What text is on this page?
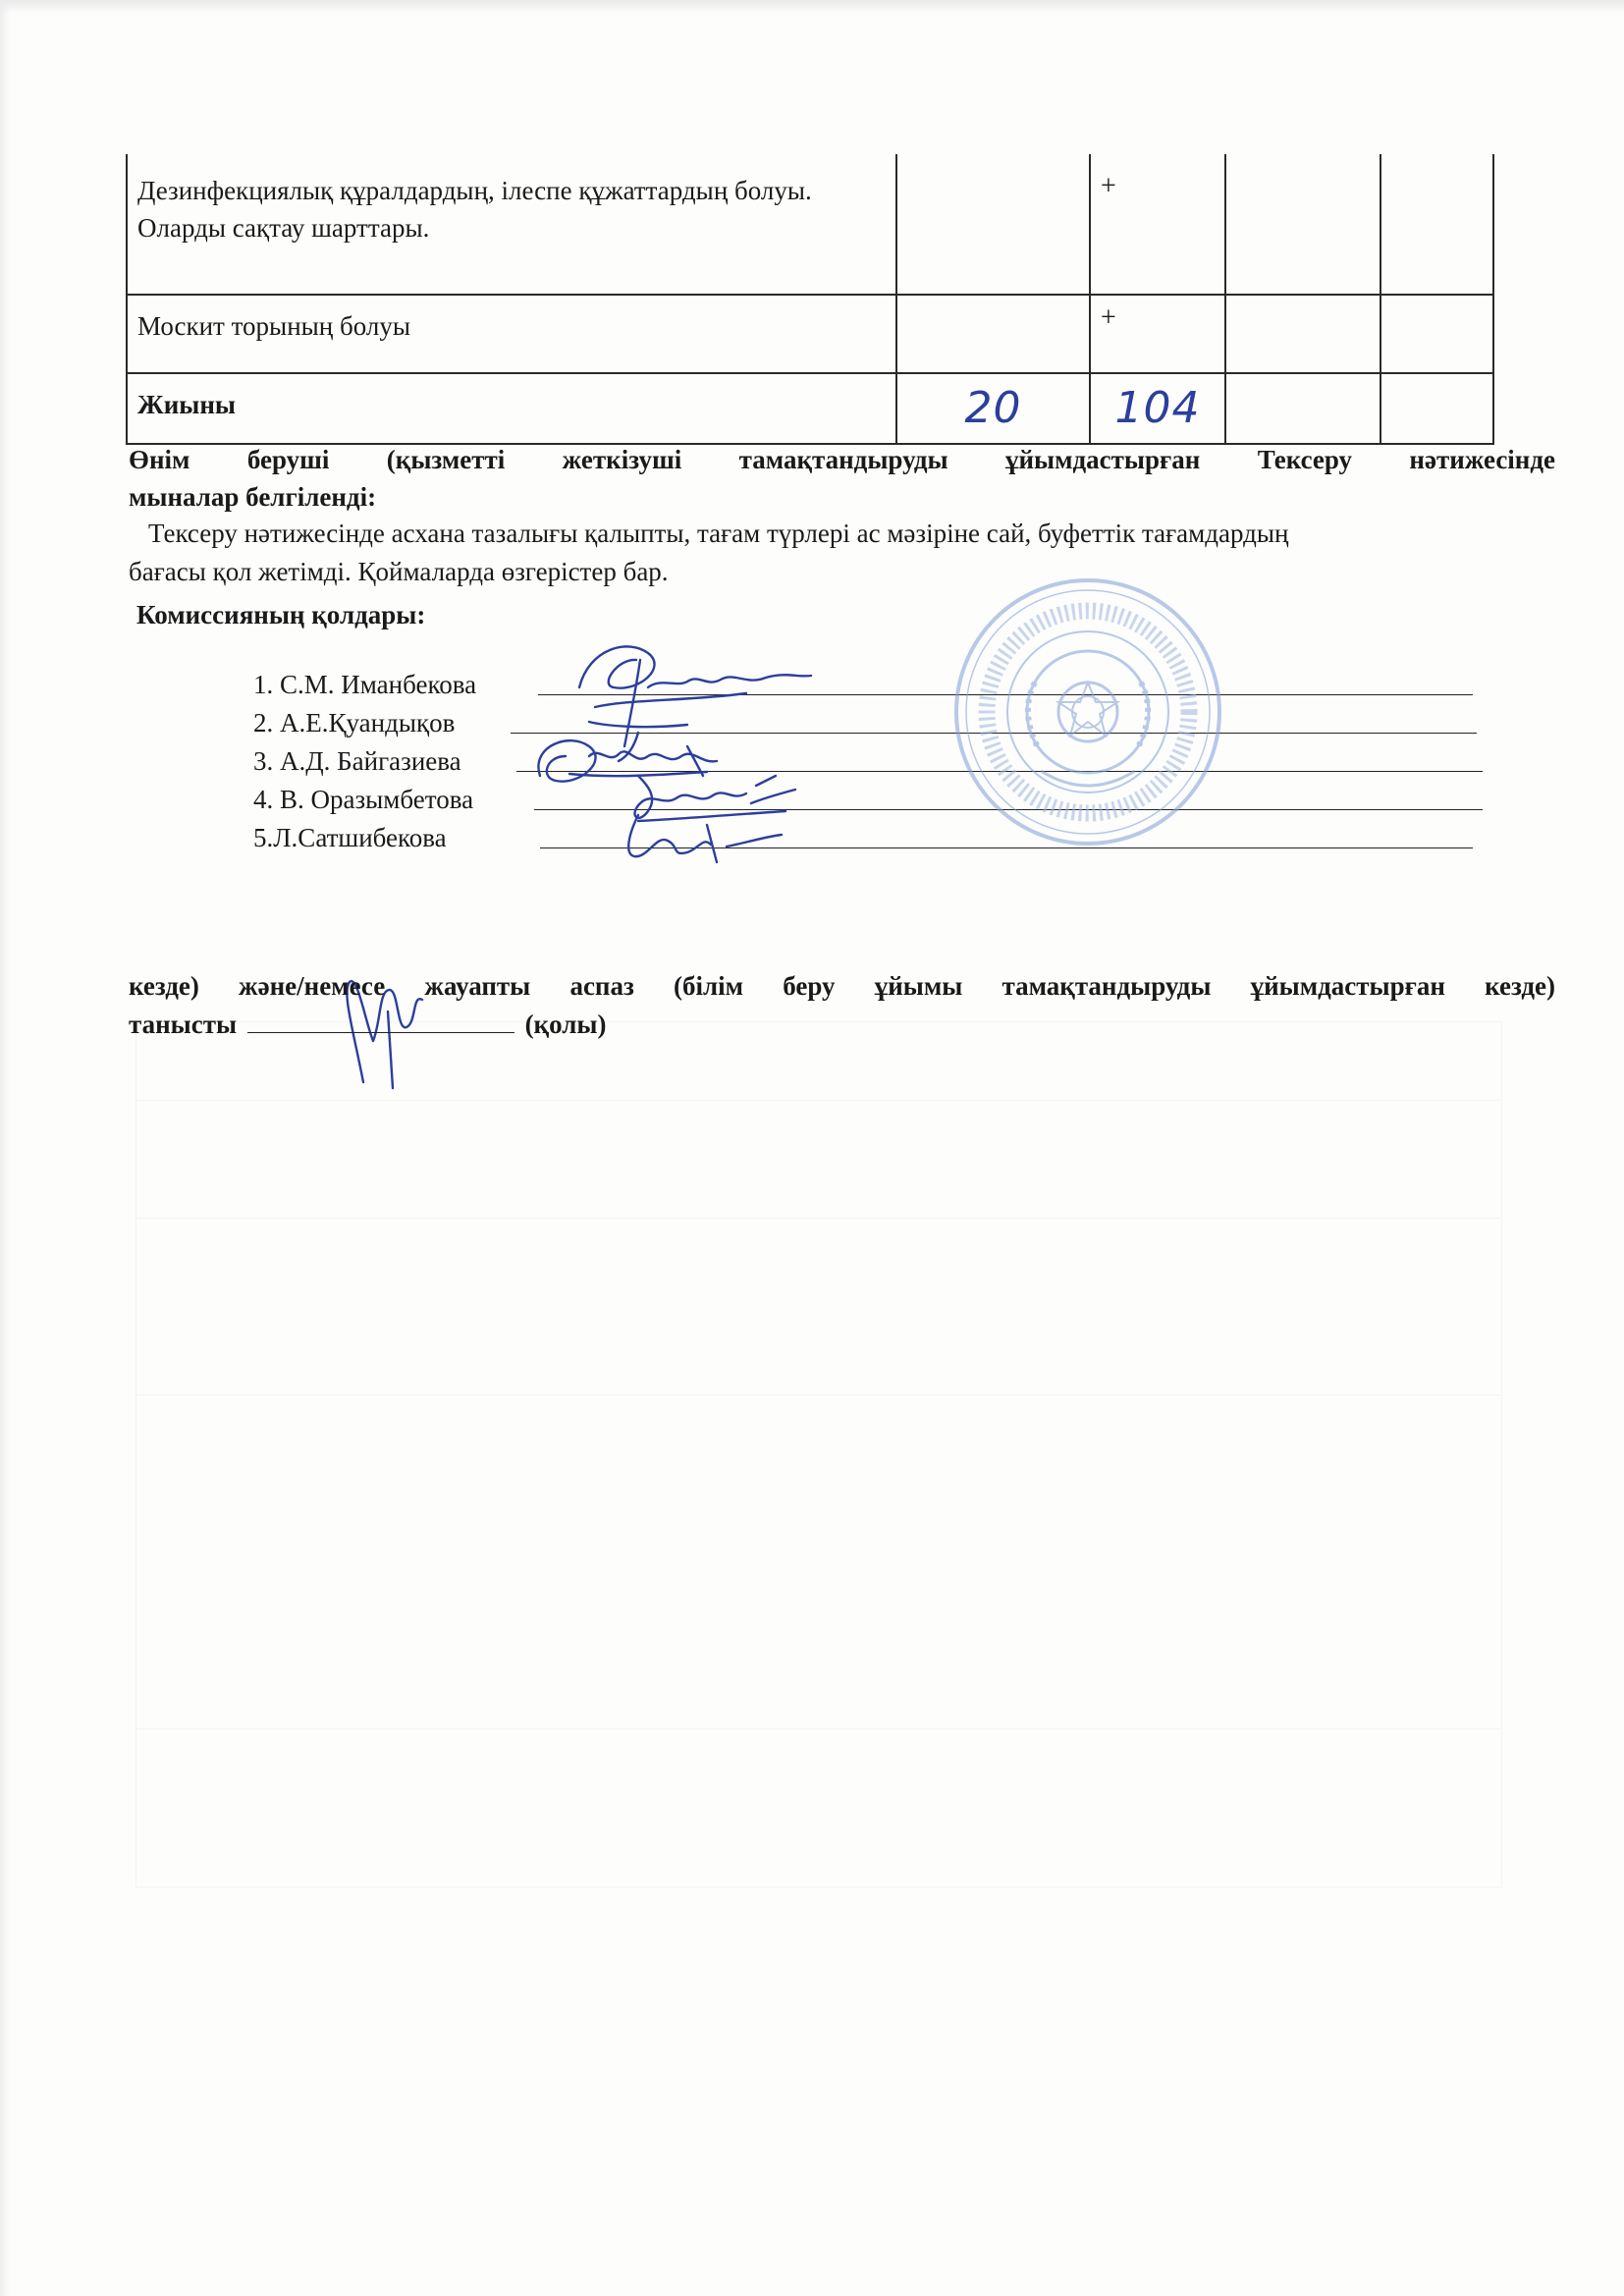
Дезинфекциялық құралдардың, ілеспе құжаттардың болуы. Оларды сақтау шарттары.		+		
Москит торының болуы		+		
Жиыны	20	104		
Өнім беруші (қызметті жеткізуші тамақтандыруды ұйымдастырған Тексеру нәтижесінде
мыналар белгіленді:
Тексеру нәтижесінде асхана тазалығы қалыпты, тағам түрлері ас мәзіріне сай, буфеттік тағамдардың
бағасы қол жетімді. Қоймаларда өзгерістер бар.
Комиссияның қолдары:
1. С.М. Иманбекова
2. А.Е.Қуандықов
3. А.Д. Байгазиева
4. В. Оразымбетова
5.Л.Сатшибекова
кезде) және/немесе жауапты аспаз (білім беру ұйымы тамақтандыруды ұйымдастырған кезде)
танысты	(қолы)
